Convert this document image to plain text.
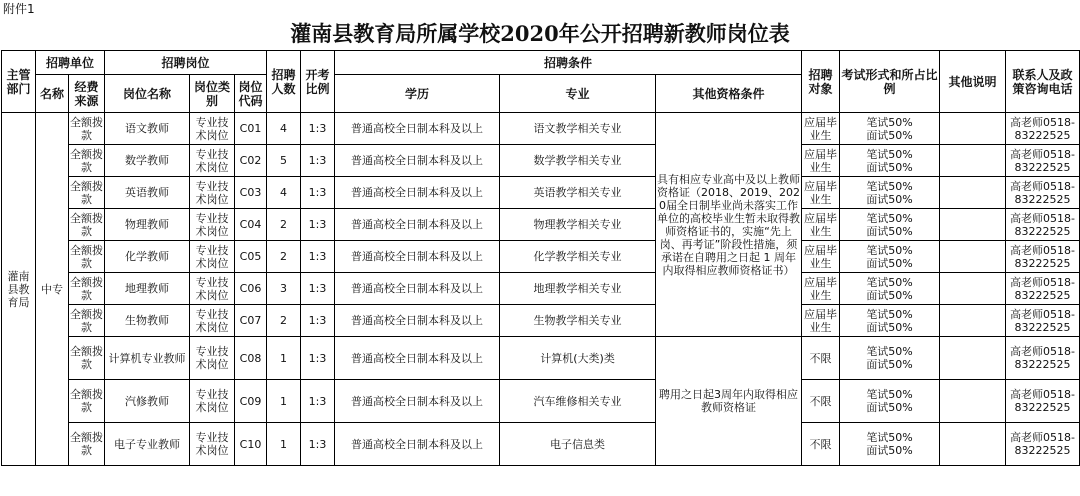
附件1
灌南县教育局所属学校2020年公开招聘新教师岗位表
主管部门	招聘单位		招聘岗位			招聘人数	开考比例	招聘条件			招聘对象	考试形式和所占比例	其他说明	联系人及政策咨询电话
	名称	经费来源	岗位名称	岗位类别	岗位代码			学历	专业	其他资格条件				
灌南县教育局	中专	全额拨款	语文教师	专业技术岗位	C01	4	1:3	普通高校全日制本科及以上	语文教学相关专业	具有相应专业高中及以上教师资格证（2018、2019、2020届全日制毕业尚未落实工作单位的高校毕业生暂未取得教师资格证书的，实施“先上岗、再考证”阶段性措施，须承诺在自聘用之日起 1 周年内取得相应教师资格证书）	应届毕业生	笔试50%
面试50%		高老师0518-83222525
		全额拨款	数学教师	专业技术岗位	C02	5	1:3	普通高校全日制本科及以上	数学教学相关专业		应届毕业生	笔试50%
面试50%		高老师0518-83222525
		全额拨款	英语教师	专业技术岗位	C03	4	1:3	普通高校全日制本科及以上	英语教学相关专业		应届毕业生	笔试50%
面试50%		高老师0518-83222525
		全额拨款	物理教师	专业技术岗位	C04	2	1:3	普通高校全日制本科及以上	物理教学相关专业		应届毕业生	笔试50%
面试50%		高老师0518-83222525
		全额拨款	化学教师	专业技术岗位	C05	2	1:3	普通高校全日制本科及以上	化学教学相关专业		应届毕业生	笔试50%
面试50%		高老师0518-83222525
		全额拨款	地理教师	专业技术岗位	C06	3	1:3	普通高校全日制本科及以上	地理教学相关专业		应届毕业生	笔试50%
面试50%		高老师0518-83222525
		全额拨款	生物教师	专业技术岗位	C07	2	1:3	普通高校全日制本科及以上	生物教学相关专业		应届毕业生	笔试50%
面试50%		高老师0518-83222525
		全额拨款	计算机专业教师	专业技术岗位	C08	1	1:3	普通高校全日制本科及以上	计算机(大类)类	聘用之日起3周年内取得相应教师资格证	不限	笔试50%
面试50%		高老师0518-83222525
		全额拨款	汽修教师	专业技术岗位	C09	1	1:3	普通高校全日制本科及以上	汽车维修相关专业		不限	笔试50%
面试50%		高老师0518-83222525
		全额拨款	电子专业教师	专业技术岗位	C10	1	1:3	普通高校全日制本科及以上	电子信息类		不限	笔试50%
面试50%		高老师0518-83222525
